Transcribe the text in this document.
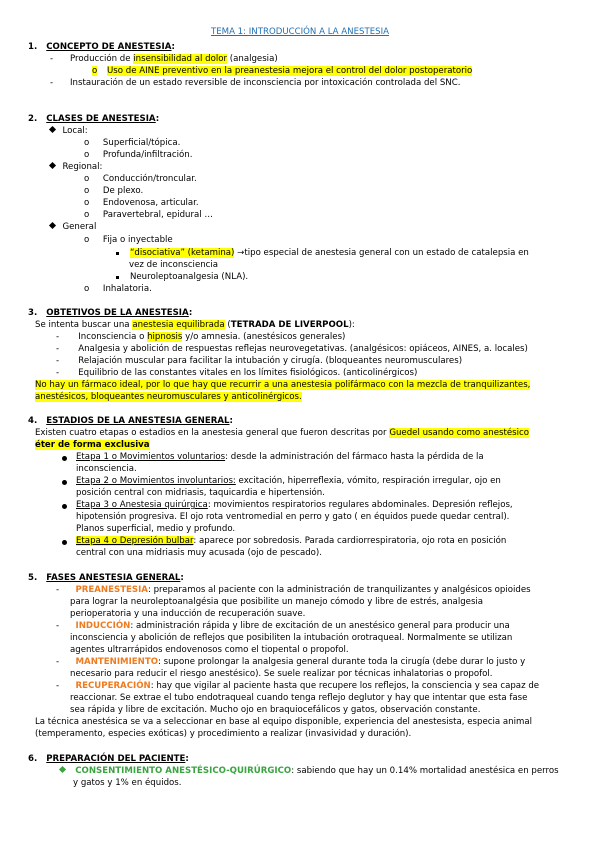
TEMA 1: INTRODUCCIÓN A LA ANESTESIA
1. CONCEPTO DE ANESTESIA:
- Producción de insensibilidad al dolor (analgesia)
o Uso de AINE preventivo en la preanestesia mejora el control del dolor postoperatorio
- Instauración de un estado reversible de inconsciencia por intoxicación controlada del SNC.
2. CLASES DE ANESTESIA:
Local:
o     Superficial/tópica.
o     Profunda/infiltración.
Regional:
o     Conducción/troncular.
o     De plexo.
o     Endovenosa, articular.
o     Paravertebral, epidural …
General
o     Fija o inyectable
“disociativa” (ketamina) →tipo especial de anestesia general con un estado de catalepsia en
vez de inconsciencia
Neuroleptoanalgesia (NLA).
o     Inhalatoria.
3. OBTETIVOS DE LA ANESTESIA:
Se intenta buscar una anestesia equilibrada (TETRADA DE LIVERPOOL):
-       Inconsciencia o hipnosis y/o amnesia. (anestésicos generales)
-       Analgesia y abolición de respuestas reflejas neurovegetativas. (analgésicos: opiáceos, AINES, a. locales)
-       Relajación muscular para facilitar la intubación y cirugía. (bloqueantes neuromusculares)
-       Equilibrio de las constantes vitales en los límites fisiológicos. (anticolinérgicos)
No hay un fármaco ideal, por lo que hay que recurrir a una anestesia polifármaco con la mezcla de tranquilizantes,
anestésicos, bloqueantes neuromusculares y anticolinérgicos.
4. ESTADIOS DE LA ANESTESIA GENERAL:
Existen cuatro etapas o estadios en la anestesia general que fueron descritas por Guedel usando como anestésico
éter de forma exclusiva
Etapa 1 o Movimientos voluntarios: desde la administración del fármaco hasta la pérdida de la
inconsciencia.
Etapa 2 o Movimientos involuntarios: excitación, hiperreflexia, vómito, respiración irregular, ojo en
posición central con midriasis, taquicardia e hipertensión.
Etapa 3 o Anestesia quirúrgica: movimientos respiratorios regulares abdominales. Depresión reflejos,
hipotensión progresiva. El ojo rota ventromedial en perro y gato ( en équidos puede quedar central).
Planos superficial, medio y profundo.
Etapa 4 o Depresión bulbar: aparece por sobredosis. Parada cardiorrespiratoria, ojo rota en posición
central con una midriasis muy acusada (ojo de pescado).
5. FASES ANESTESIA GENERAL:
-      PREANESTESIA: preparamos al paciente con la administración de tranquilizantes y analgésicos opioides
para lograr la neuroleptoanalgésia que posibilite un manejo cómodo y libre de estrés, analgesia
perioperatoria y una inducción de recuperación suave.
-      INDUCCIÓN: administración rápida y libre de excitación de un anestésico general para producir una
inconsciencia y abolición de reflejos que posibiliten la intubación orotraqueal. Normalmente se utilizan
agentes ultrarrápidos endovenosos como el tiopental o propofol.
-      MANTENIMIENTO: supone prolongar la analgesia general durante toda la cirugía (debe durar lo justo y
necesario para reducir el riesgo anestésico). Se suele realizar por técnicas inhalatorias o propofol.
-      RECUPERACIÓN: hay que vigilar al paciente hasta que recupere los reflejos, la consciencia y sea capaz de
reaccionar. Se extrae el tubo endotraqueal cuando tenga reflejo deglutor y hay que intentar que esta fase
sea rápida y libre de excitación. Mucho ojo en braquiocefálicos y gatos, observación constante.
La técnica anestésica se va a seleccionar en base al equipo disponible, experiencia del anestesista, especia animal
(temperamento, especies exóticas) y procedimiento a realizar (invasividad y duración).
6. PREPARACIÓN DEL PACIENTE:
CONSENTIMIENTO ANESTÉSICO-QUIRÚRGICO: sabiendo que hay un 0.14% mortalidad anestésica en perros
y gatos y 1% en équidos.
